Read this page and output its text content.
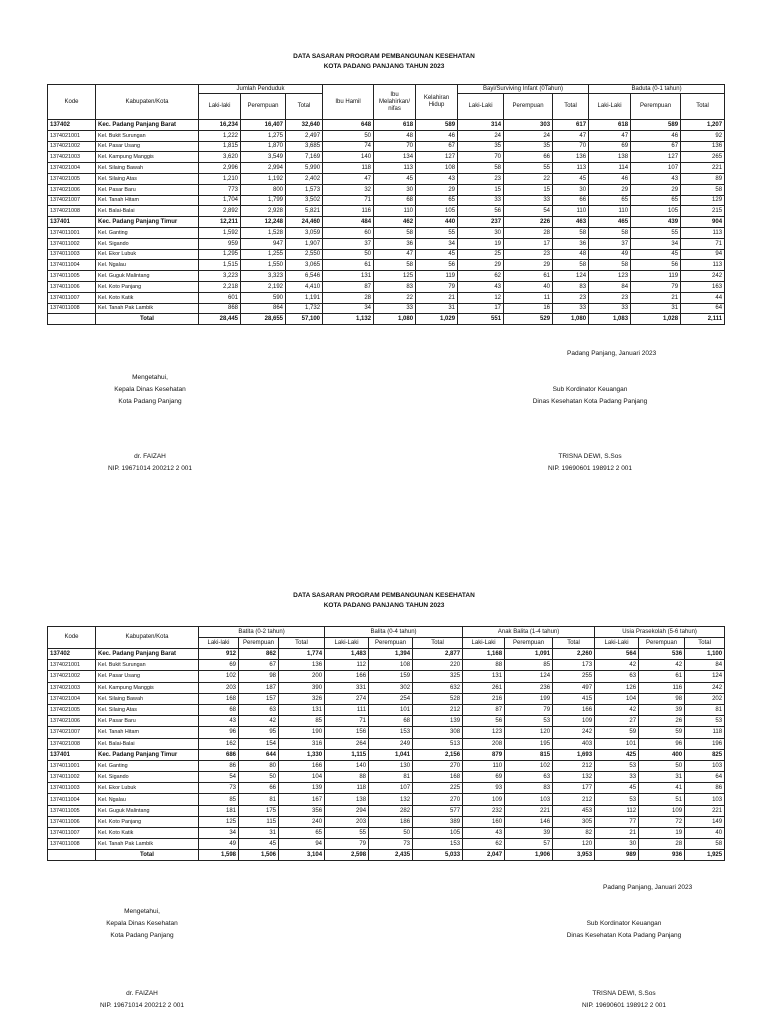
DATA SASARAN PROGRAM PEMBANGUNAN KESEHATAN
KOTA PADANG PANJANG TAHUN 2023
Kode	Kabupaten/Kota	Jumlah Penduduk			Ibu Hamil	Ibu Melahirkan/ nifas	Kelahiran Hidup	Bayi/Surviving Infant (0Tahun)			Baduta (0-1 tahun)		
		Laki-laki	Perempuan	Total				Laki-Laki	Perempuan	Total	Laki-Laki	Perempuan	Total
137402	Kec. Padang Panjang Barat	16,234	16,407	32,640	648	618	589	314	303	617	618	589	1,207
1374021001	Kel. Bukit Surungan	1,222	1,275	2,497	50	48	46	24	24	47	47	46	92
1374021002	Kel. Pasar Usang	1,815	1,870	3,685	74	70	67	35	35	70	69	67	136
1374021003	Kel. Kampung Manggis	3,620	3,549	7,169	140	134	127	70	66	136	138	127	265
1374021004	Kel. Silaing Bawah	2,996	2,994	5,990	118	113	108	58	55	113	114	107	221
1374021005	Kel. Silaing Atas	1,210	1,192	2,402	47	45	43	23	22	45	46	43	89
1374021006	Kel. Pasar Baru	773	800	1,573	32	30	29	15	15	30	29	29	58
1374021007	Kel. Tanah Hitam	1,704	1,799	3,502	71	68	65	33	33	66	65	65	129
1374021008	Kel. Balai-Balai	2,892	2,928	5,821	116	110	105	56	54	110	110	105	215
137401	Kec. Padang Panjang Timur	12,211	12,248	24,460	484	462	440	237	226	463	465	439	904
1374011001	Kel. Ganting	1,592	1,528	3,059	60	58	55	30	28	58	58	55	113
1374011002	Kel. Sigando	959	947	1,907	37	36	34	19	17	36	37	34	71
1374011003	Kel. Ekor Lubuk	1,295	1,255	2,550	50	47	45	25	23	48	49	45	94
1374011004	Kel. Ngalau	1,515	1,550	3,065	61	58	56	29	29	58	58	56	113
1374011005	Kel. Guguk Malintang	3,223	3,323	6,546	131	125	119	62	61	124	123	119	242
1374011006	Kel. Koto Panjang	2,218	2,192	4,410	87	83	79	43	40	83	84	79	163
1374011007	Kel. Koto Katik	601	590	1,191	28	22	21	12	11	23	23	21	44
1374011008	Kel. Tanah Pak Lambik	868	864	1,732	34	33	31	17	16	33	33	31	64
	Total	28,445	28,655	57,100	1,132	1,080	1,029	551	529	1,080	1,083	1,028	2,111
Padang Panjang, Januari 2023
Mengetahui,
Kepala Dinas Kesehatan
Kota Padang Panjang
Sub Kordinator Keuangan
Dinas Kesehatan Kota Padang Panjang
dr. FAIZAH
NIP. 19671014 200212 2 001
TRISNA DEWI, S.Sos
NIP. 19690601 198912 2 001
DATA SASARAN PROGRAM PEMBANGUNAN KESEHATAN
KOTA PADANG PANJANG TAHUN 2023
Kode	Kabupaten/Kota	Batita (0-2 tahun)			Balita (0-4 tahun)			Anak Balita (1-4 tahun)			Usia Prasekolah (5-6 tahun)		
		Laki-laki	Perempuan	Total	Laki-Laki	Perempuan	Total	Laki-Laki	Perempuan	Total	Laki-Laki	Perempuan	Total
137402	Kec. Padang Panjang Barat	912	862	1,774	1,483	1,394	2,877	1,168	1,091	2,260	564	536	1,100
1374021001	Kel. Bukit Surungan	69	67	136	112	108	220	88	85	173	42	42	84
1374021002	Kel. Pasar Usang	102	98	200	166	159	325	131	124	255	63	61	124
1374021003	Kel. Kampung Manggis	203	187	390	331	302	632	261	236	497	126	116	242
1374021004	Kel. Silaing Bawah	168	157	326	274	254	528	216	199	415	104	98	202
1374021005	Kel. Silaing Atas	68	63	131	111	101	212	87	79	166	42	39	81
1374021006	Kel. Pasar Baru	43	42	85	71	68	139	56	53	109	27	26	53
1374021007	Kel. Tanah Hitam	96	95	190	156	153	308	123	120	242	59	59	118
1374021008	Kel. Balai-Balai	162	154	316	264	249	513	208	195	403	101	96	196
137401	Kec. Padang Panjang Timur	686	644	1,330	1,115	1,041	2,156	879	815	1,693	425	400	825
1374011001	Kel. Ganting	86	80	166	140	130	270	110	102	212	53	50	103
1374011002	Kel. Sigando	54	50	104	88	81	168	69	63	132	33	31	64
1374011003	Kel. Ekor Lubuk	73	66	139	118	107	225	93	83	177	45	41	86
1374011004	Kel. Ngalau	85	81	167	138	132	270	109	103	212	53	51	103
1374011005	Kel. Guguk Malintang	181	175	356	294	282	577	232	221	453	112	109	221
1374011006	Kel. Koto Panjang	125	115	240	203	186	389	160	146	305	77	72	149
1374011007	Kel. Koto Katik	34	31	65	55	50	105	43	39	82	21	19	40
1374011008	Kel. Tanah Pak Lambik	49	45	94	79	73	153	62	57	120	30	28	58
	Total	1,598	1,506	3,104	2,598	2,435	5,033	2,047	1,906	3,953	989	936	1,925
Padang Panjang, Januari 2023
Mengetahui,
Kepala Dinas Kesehatan
Kota Padang Panjang
Sub Kordinator Keuangan
Dinas Kesehatan Kota Padang Panjang
dr. FAIZAH
NIP. 19671014 200212 2 001
TRISNA DEWI, S.Sos
NIP. 19690601 198912 2 001
